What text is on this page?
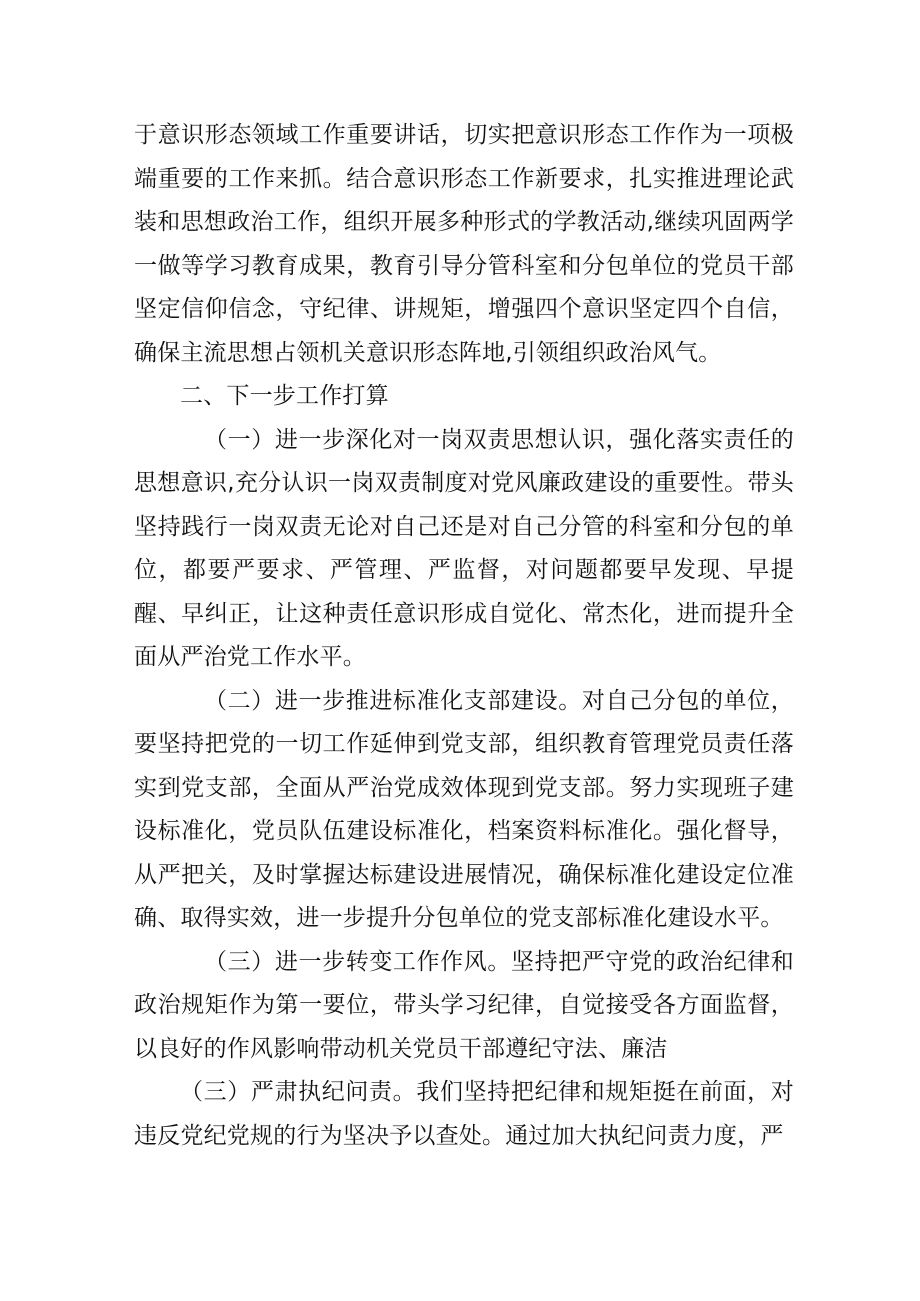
于意识形态领域工作重要讲话，切实把意识形态工作作为一项极端重要的工作来抓。结合意识形态工作新要求，扎实推进理论武装和思想政治工作，组织开展多种形式的学教活动,继续巩固两学一做等学习教育成果，教育引导分管科室和分包单位的党员干部坚定信仰信念，守纪律、讲规矩，增强四个意识坚定四个自信，确保主流思想占领机关意识形态阵地,引领组织政治风气。

二、下一步工作打算

（一）进一步深化对一岗双责思想认识，强化落实责任的思想意识,充分认识一岗双责制度对党风廉政建设的重要性。带头坚持践行一岗双责无论对自己还是对自己分管的科室和分包的单位，都要严要求、严管理、严监督，对问题都要早发现、早提醒、早纠正，让这种责任意识形成自觉化、常杰化，进而提升全面从严治党工作水平。

（二）进一步推进标准化支部建设。对自己分包的单位，要坚持把党的一切工作延伸到党支部，组织教育管理党员责任落实到党支部，全面从严治党成效体现到党支部。努力实现班子建设标准化，党员队伍建设标准化，档案资料标准化。强化督导，从严把关，及时掌握达标建设进展情况，确保标准化建设定位准确、取得实效，进一步提升分包单位的党支部标准化建设水平。

（三）进一步转变工作作风。坚持把严守党的政治纪律和政治规矩作为第一要位，带头学习纪律，自觉接受各方面监督，以良好的作风影响带动机关党员干部遵纪守法、廉洁

（三）严肃执纪问责。我们坚持把纪律和规矩挺在前面，对违反党纪党规的行为坚决予以查处。通过加大执纪问责力度，严
